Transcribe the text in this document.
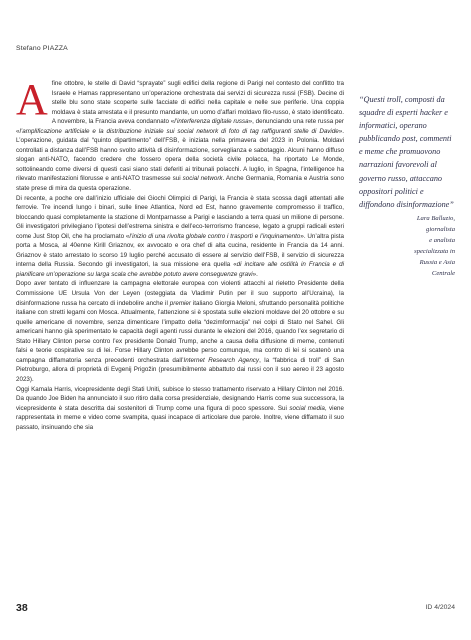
Stefano PIAZZA
A fine ottobre, le stelle di David “sprayate” sugli edifici della regione di Parigi nel contesto del conflitto tra Israele e Hamas rappresentano un’operazione orchestrata dai servizi di sicurezza russi (FSB). Decine di stelle blu sono state scoperte sulle facciate di edifici nella capitale e nelle sue periferie. Una coppia moldava è stata arrestata e il presunto mandante, un uomo d’affari moldavo filo-russo, è stato identificato. A novembre, la Francia aveva condannato «l’interferenza digitale russa», denunciando una rete russa per «l’amplificazione artificiale e la distribuzione iniziale sui social network di foto di tag raffiguranti stelle di Davide». L’operazione, guidata dal “quinto dipartimento” dell’FSB, è iniziata nella primavera del 2023 in Polonia. Moldavi controllati a distanza dall’FSB hanno svolto attività di disinformazione, sorveglianza e sabotaggio. Alcuni hanno diffuso slogan anti-NATO, facendo credere che fossero opera della società civile polacca, ha riportato Le Monde, sottolineando come diversi di questi casi siano stati deferiti ai tribunali polacchi. A luglio, in Spagna, l’intelligence ha rilevato manifestazioni filorusse e anti-NATO trasmesse sui social network. Anche Germania, Romania e Austria sono state prese di mira da questa operazione.

Di recente, a poche ore dall’inizio ufficiale dei Giochi Olimpici di Parigi, la Francia è stata scossa dagli attentati alle ferrovie. Tre incendi lungo i binari, sulle linee Atlantica, Nord ed Est, hanno gravemente compromesso il traffico, bloccando quasi completamente la stazione di Montparnasse a Parigi e lasciando a terra quasi un milione di persone. Gli investigatori privilegiano l’ipotesi dell’estrema sinistra e dell’eco-terrorismo francese, legato a gruppi radicali esteri come Just Stop Oil, che ha proclamato «l’inizio di una rivolta globale contro i trasporti e l’inquinamento». Un’altra pista porta a Mosca, al 40enne Kirill Griaznov, ex avvocato e ora chef di alta cucina, residente in Francia da 14 anni. Griaznov è stato arrestato lo scorso 19 luglio perché accusato di essere al servizio dell’FSB, il servizio di sicurezza interna della Russia. Secondo gli investigatori, la sua missione era quella «di incitare alle ostilità in Francia e di pianificare un’operazione su larga scala che avrebbe potuto avere conseguenze gravi».

Dopo aver tentato di influenzare la campagna elettorale europea con violenti attacchi al rieletto Presidente della Commissione UE Ursula Von der Leyen (osteggiata da Vladimir Putin per il suo supporto all’Ucraina), la disinformazione russa ha cercato di indebolire anche il premier italiano Giorgia Meloni, sfruttando personalità politiche italiane con stretti legami con Mosca. Attualmente, l’attenzione si è spostata sulle elezioni moldave del 20 ottobre e su quelle americane di novembre, senza dimenticare l’impatto della “dezimformacija” nei colpi di Stato nel Sahel. Gli americani hanno già sperimentato le capacità degli agenti russi durante le elezioni del 2016, quando l’ex segretario di Stato Hillary Clinton perse contro l’ex presidente Donald Trump, anche a causa della diffusione di meme, contenuti falsi e teorie cospirative su di lei. Forse Hillary Clinton avrebbe perso comunque, ma contro di lei si scatenò una campagna diffamatoria senza precedenti orchestrata dall’Internet Research Agency, la “fabbrica di troll” di San Pietroburgo, allora di proprietà di Evgenij Prigožin (presumibilmente abbattuto dai russi con il suo aereo il 23 agosto 2023).

Oggi Kamala Harris, vicepresidente degli Stati Uniti, subisce lo stesso trattamento riservato a Hillary Clinton nel 2016. Da quando Joe Biden ha annunciato il suo ritiro dalla corsa presidenziale, designando Harris come sua successora, la vicepresidente è stata descritta dai sostenitori di Trump come una figura di poco spessore. Sui social media, viene rappresentata in meme e video come svampita, quasi incapace di articolare due parole. Inoltre, viene diffamato il suo passato, insinuando che sia

“Questi troll, composti da squadre di esperti hacker e informatici, operano pubblicando post, commenti e meme che promuovono narrazioni favorevoli al governo russo, attaccano oppositori politici e diffondono disinformazione”

Lara Balluzio,
giornalista
e analista
specializzata in
Russia e Asia
Centrale
38	ID 4/2024
